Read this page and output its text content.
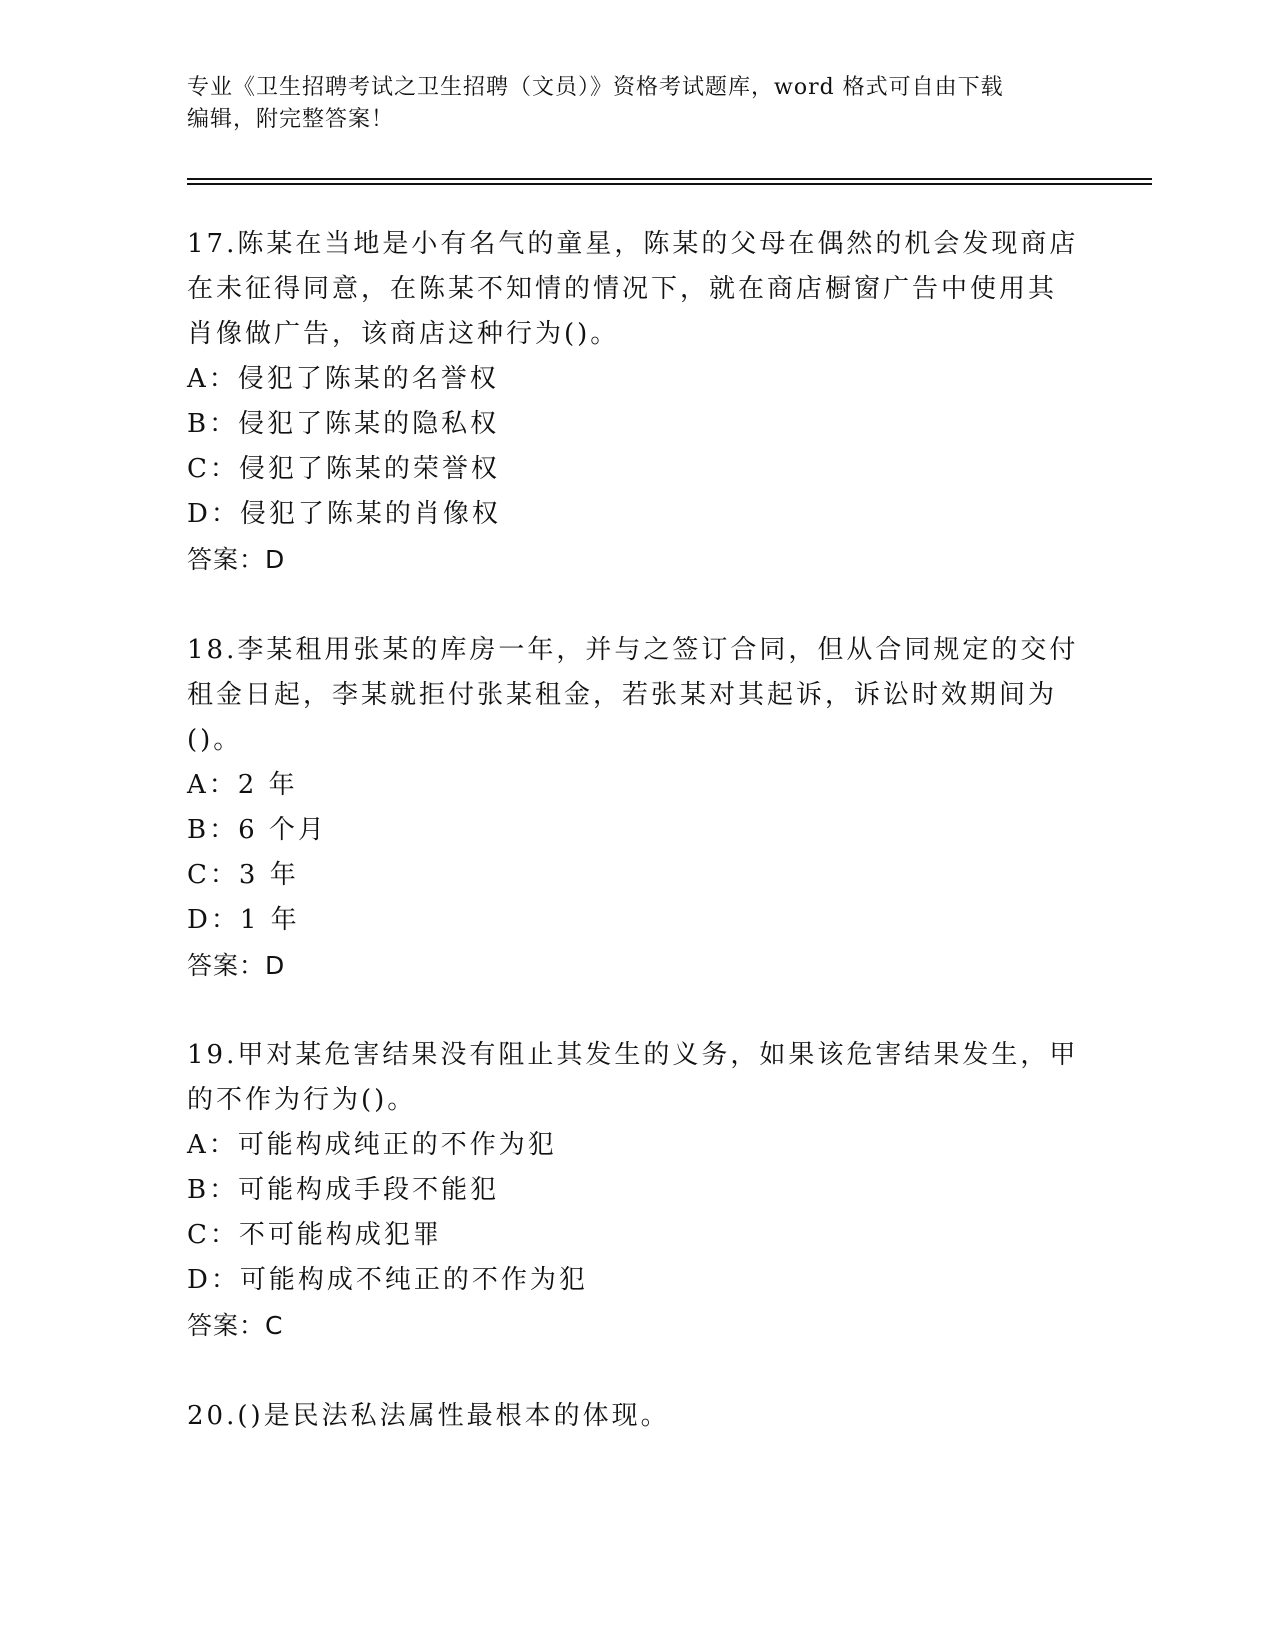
专业《卫生招聘考试之卫生招聘（文员）》资格考试题库，word 格式可自由下载
编辑，附完整答案！
17.陈某在当地是小有名气的童星，陈某的父母在偶然的机会发现商店
在未征得同意，在陈某不知情的情况下，就在商店橱窗广告中使用其
肖像做广告，该商店这种行为()。
A：侵犯了陈某的名誉权
B：侵犯了陈某的隐私权
C：侵犯了陈某的荣誉权
D：侵犯了陈某的肖像权
答案：D
18.李某租用张某的库房一年，并与之签订合同，但从合同规定的交付
租金日起，李某就拒付张某租金，若张某对其起诉，诉讼时效期间为
()。
A：2 年
B：6 个月
C：3 年
D：1 年
答案：D
19.甲对某危害结果没有阻止其发生的义务，如果该危害结果发生，甲
的不作为行为()。
A：可能构成纯正的不作为犯
B：可能构成手段不能犯
C：不可能构成犯罪
D：可能构成不纯正的不作为犯
答案：C
20.()是民法私法属性最根本的体现。
